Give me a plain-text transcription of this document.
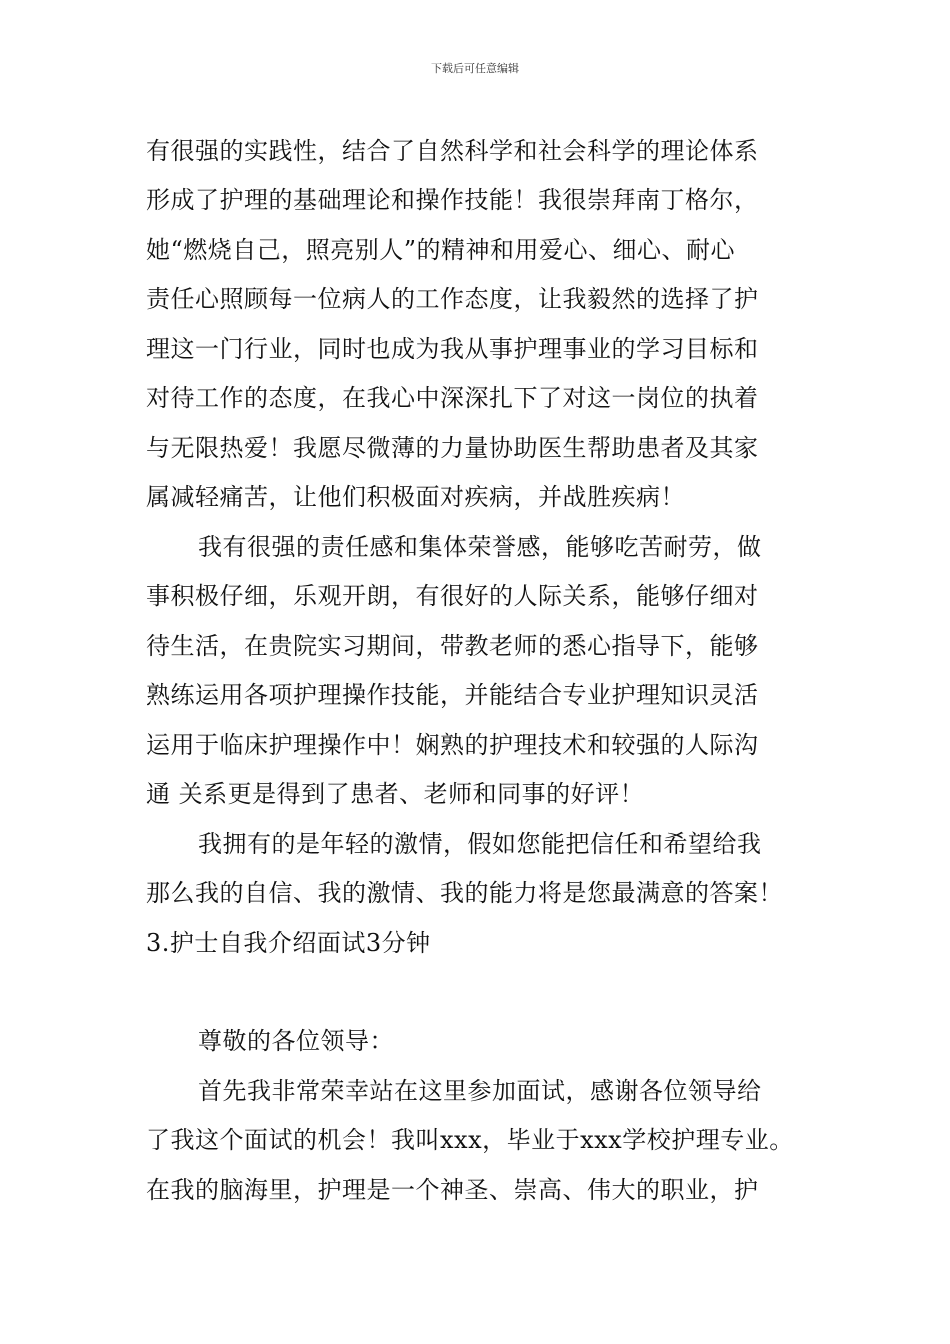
下载后可任意编辑
有很强的实践性，结合了自然科学和社会科学的理论体系
形成了护理的基础理论和操作技能！我很崇拜南丁格尔，
她“燃烧自己，照亮别人”的精神和用爱心、细心、耐心
责任心照顾每一位病人的工作态度，让我毅然的选择了护
理这一门行业，同时也成为我从事护理事业的学习目标和
对待工作的态度，在我心中深深扎下了对这一岗位的执着
与无限热爱！我愿尽微薄的力量协助医生帮助患者及其家
属减轻痛苦，让他们积极面对疾病，并战胜疾病！
我有很强的责任感和集体荣誉感，能够吃苦耐劳，做
事积极仔细，乐观开朗，有很好的人际关系，能够仔细对
待生活，在贵院实习期间，带教老师的悉心指导下，能够
熟练运用各项护理操作技能，并能结合专业护理知识灵活
运用于临床护理操作中！娴熟的护理技术和较强的人际沟
通 关系更是得到了患者、老师和同事的好评！
我拥有的是年轻的激情，假如您能把信任和希望给我
那么我的自信、我的激情、我的能力将是您最满意的答案！
3.护士自我介绍面试3分钟
尊敬的各位领导：
首先我非常荣幸站在这里参加面试，感谢各位领导给
了我这个面试的机会！我叫xxx，毕业于xxx学校护理专业。
在我的脑海里，护理是一个神圣、崇高、伟大的职业，护
